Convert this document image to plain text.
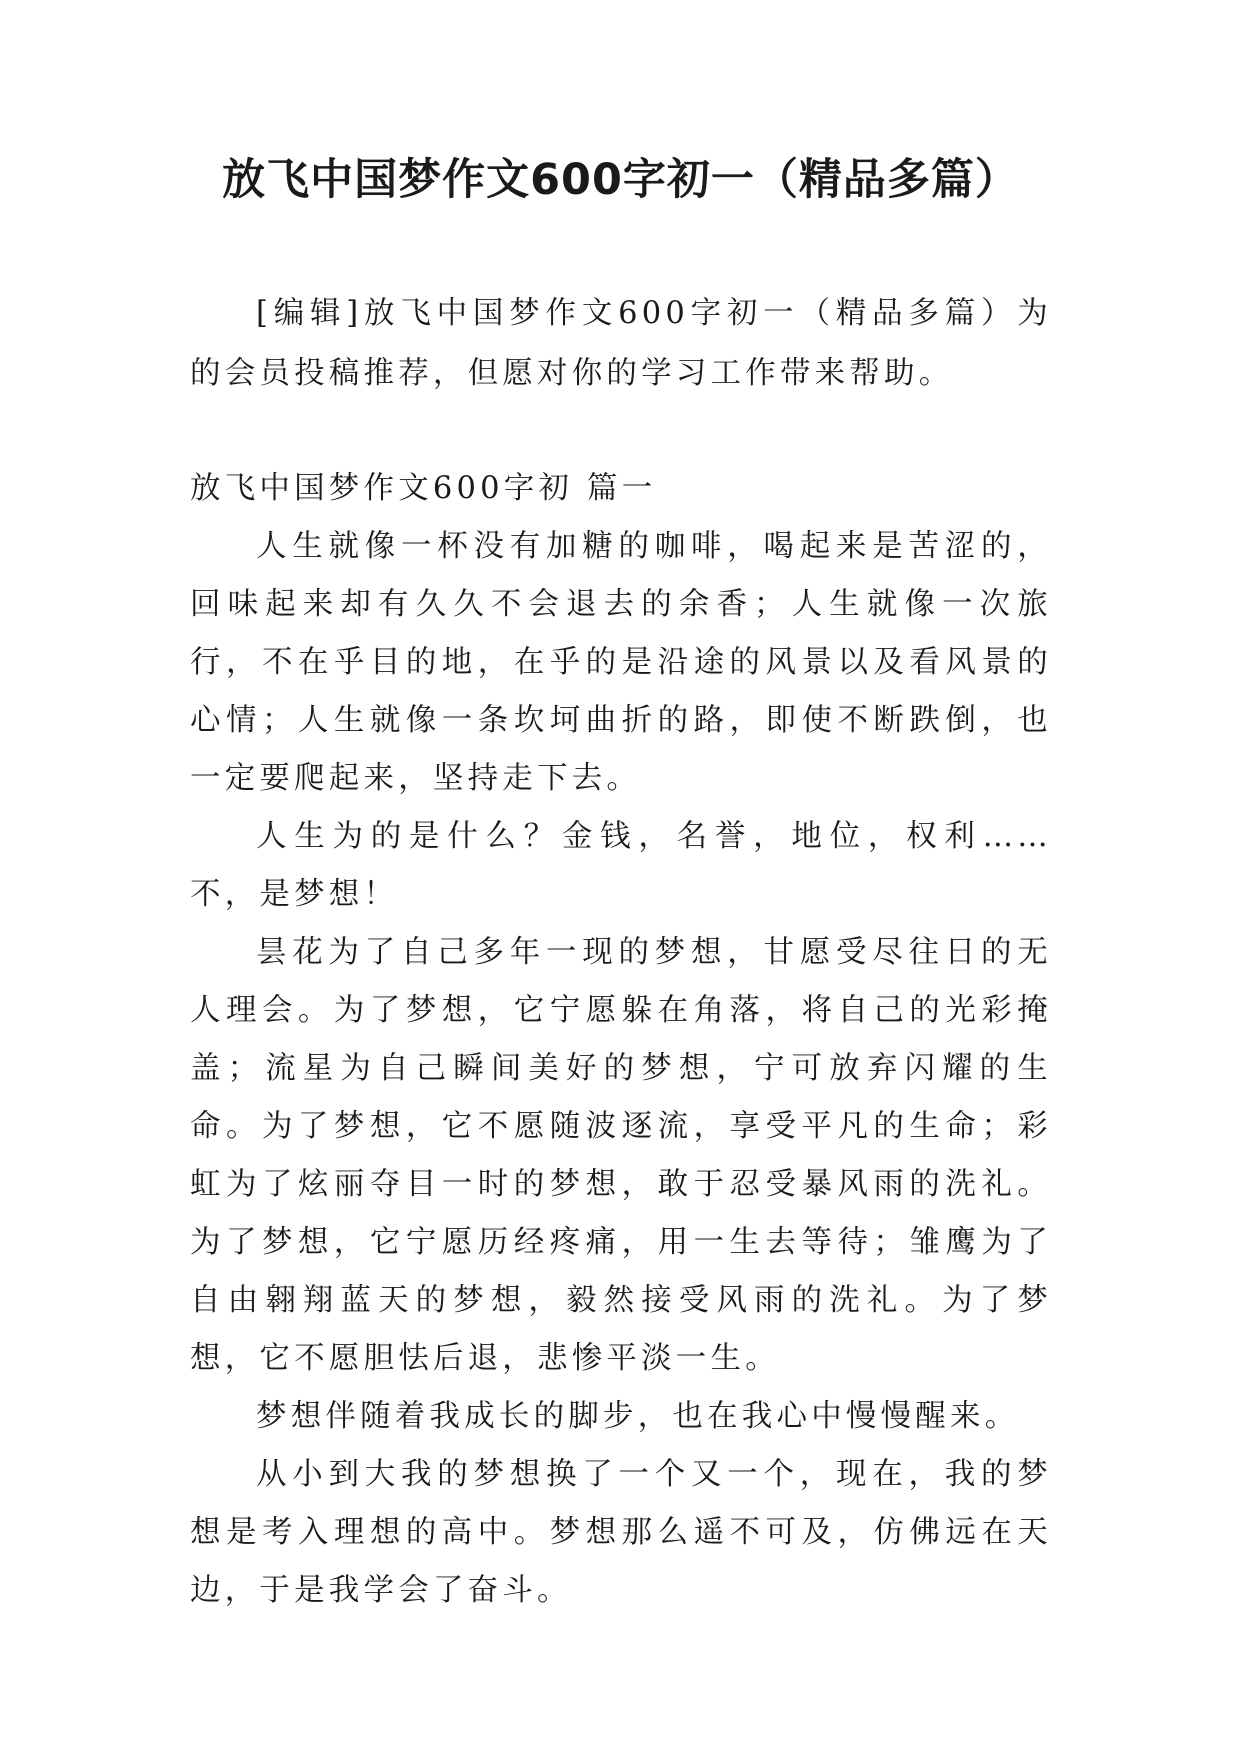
放飞中国梦作文600字初一（精品多篇）

[编辑]放飞中国梦作文600字初一（精品多篇）为的会员投稿推荐，但愿对你的学习工作带来帮助。

放飞中国梦作文600字初 篇一

人生就像一杯没有加糖的咖啡，喝起来是苦涩的，回味起来却有久久不会退去的余香；人生就像一次旅行，不在乎目的地，在乎的是沿途的风景以及看风景的心情；人生就像一条坎坷曲折的路，即使不断跌倒，也一定要爬起来，坚持走下去。

人生为的是什么？金钱，名誉，地位，权利……不，是梦想！

昙花为了自己多年一现的梦想，甘愿受尽往日的无人理会。为了梦想，它宁愿躲在角落，将自己的光彩掩盖；流星为自己瞬间美好的梦想，宁可放弃闪耀的生命。为了梦想，它不愿随波逐流，享受平凡的生命；彩虹为了炫丽夺目一时的梦想，敢于忍受暴风雨的洗礼。为了梦想，它宁愿历经疼痛，用一生去等待；雏鹰为了自由翱翔蓝天的梦想，毅然接受风雨的洗礼。为了梦想，它不愿胆怯后退，悲惨平淡一生。

梦想伴随着我成长的脚步，也在我心中慢慢醒来。

从小到大我的梦想换了一个又一个，现在，我的梦想是考入理想的高中。梦想那么遥不可及，仿佛远在天边，于是我学会了奋斗。
